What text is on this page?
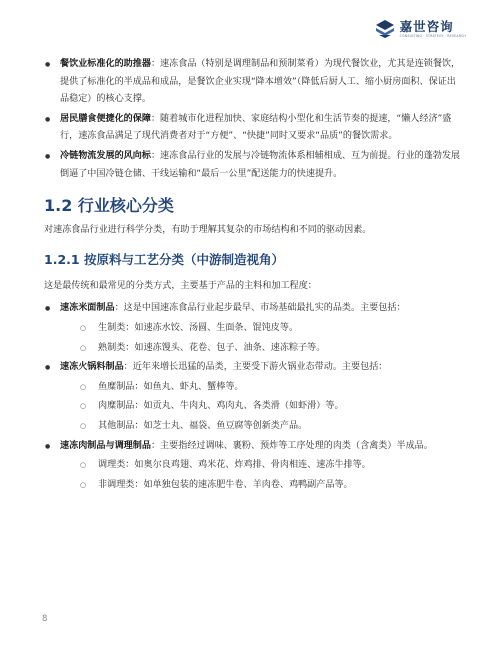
嘉世咨询
CONSULTING · STRATEGY · RESEARCH
● 餐饮业标准化的助推器：速冻食品（特别是调理制品和预制菜肴）为现代餐饮业，尤其是连锁餐饮，提供了标准化的半成品和成品，是餐饮企业实现“降本增效”（降低后厨人工、缩小厨房面积、保证出品稳定）的核心支撑。
● 居民膳食便捷化的保障：随着城市化进程加快、家庭结构小型化和生活节奏的提速，“懒人经济”盛行，速冻食品满足了现代消费者对于“方便”、“快捷”同时又要求“品质”的餐饮需求。
● 冷链物流发展的风向标：速冻食品行业的发展与冷链物流体系相辅相成、互为前提。行业的蓬勃发展倒逼了中国冷链仓储、干线运输和“最后一公里”配送能力的快速提升。
1.2 行业核心分类

对速冻食品行业进行科学分类，有助于理解其复杂的市场结构和不同的驱动因素。

1.2.1 按原料与工艺分类（中游制造视角）

这是最传统和最常见的分类方式，主要基于产品的主料和加工程度：

● 速冻米面制品：这是中国速冻食品行业起步最早、市场基础最扎实的品类。主要包括：
○ 生制类：如速冻水饺、汤圆、生面条、馄饨皮等。
○ 熟制类：如速冻馒头、花卷、包子、油条、速冻粽子等。
● 速冻火锅料制品：近年来增长迅猛的品类，主要受下游火锅业态带动。主要包括：
○ 鱼糜制品：如鱼丸、虾丸、蟹棒等。
○ 肉糜制品：如贡丸、牛肉丸、鸡肉丸、各类滑（如虾滑）等。
○ 其他制品：如芝士丸、福袋、鱼豆腐等创新类产品。
● 速冻肉制品与调理制品：主要指经过调味、裹粉、预炸等工序处理的肉类（含禽类）半成品。
○ 调理类：如奥尔良鸡翅、鸡米花、炸鸡排、骨肉相连、速冻牛排等。
○ 非调理类：如单独包装的速冻肥牛卷、羊肉卷、鸡鸭副产品等。
8
